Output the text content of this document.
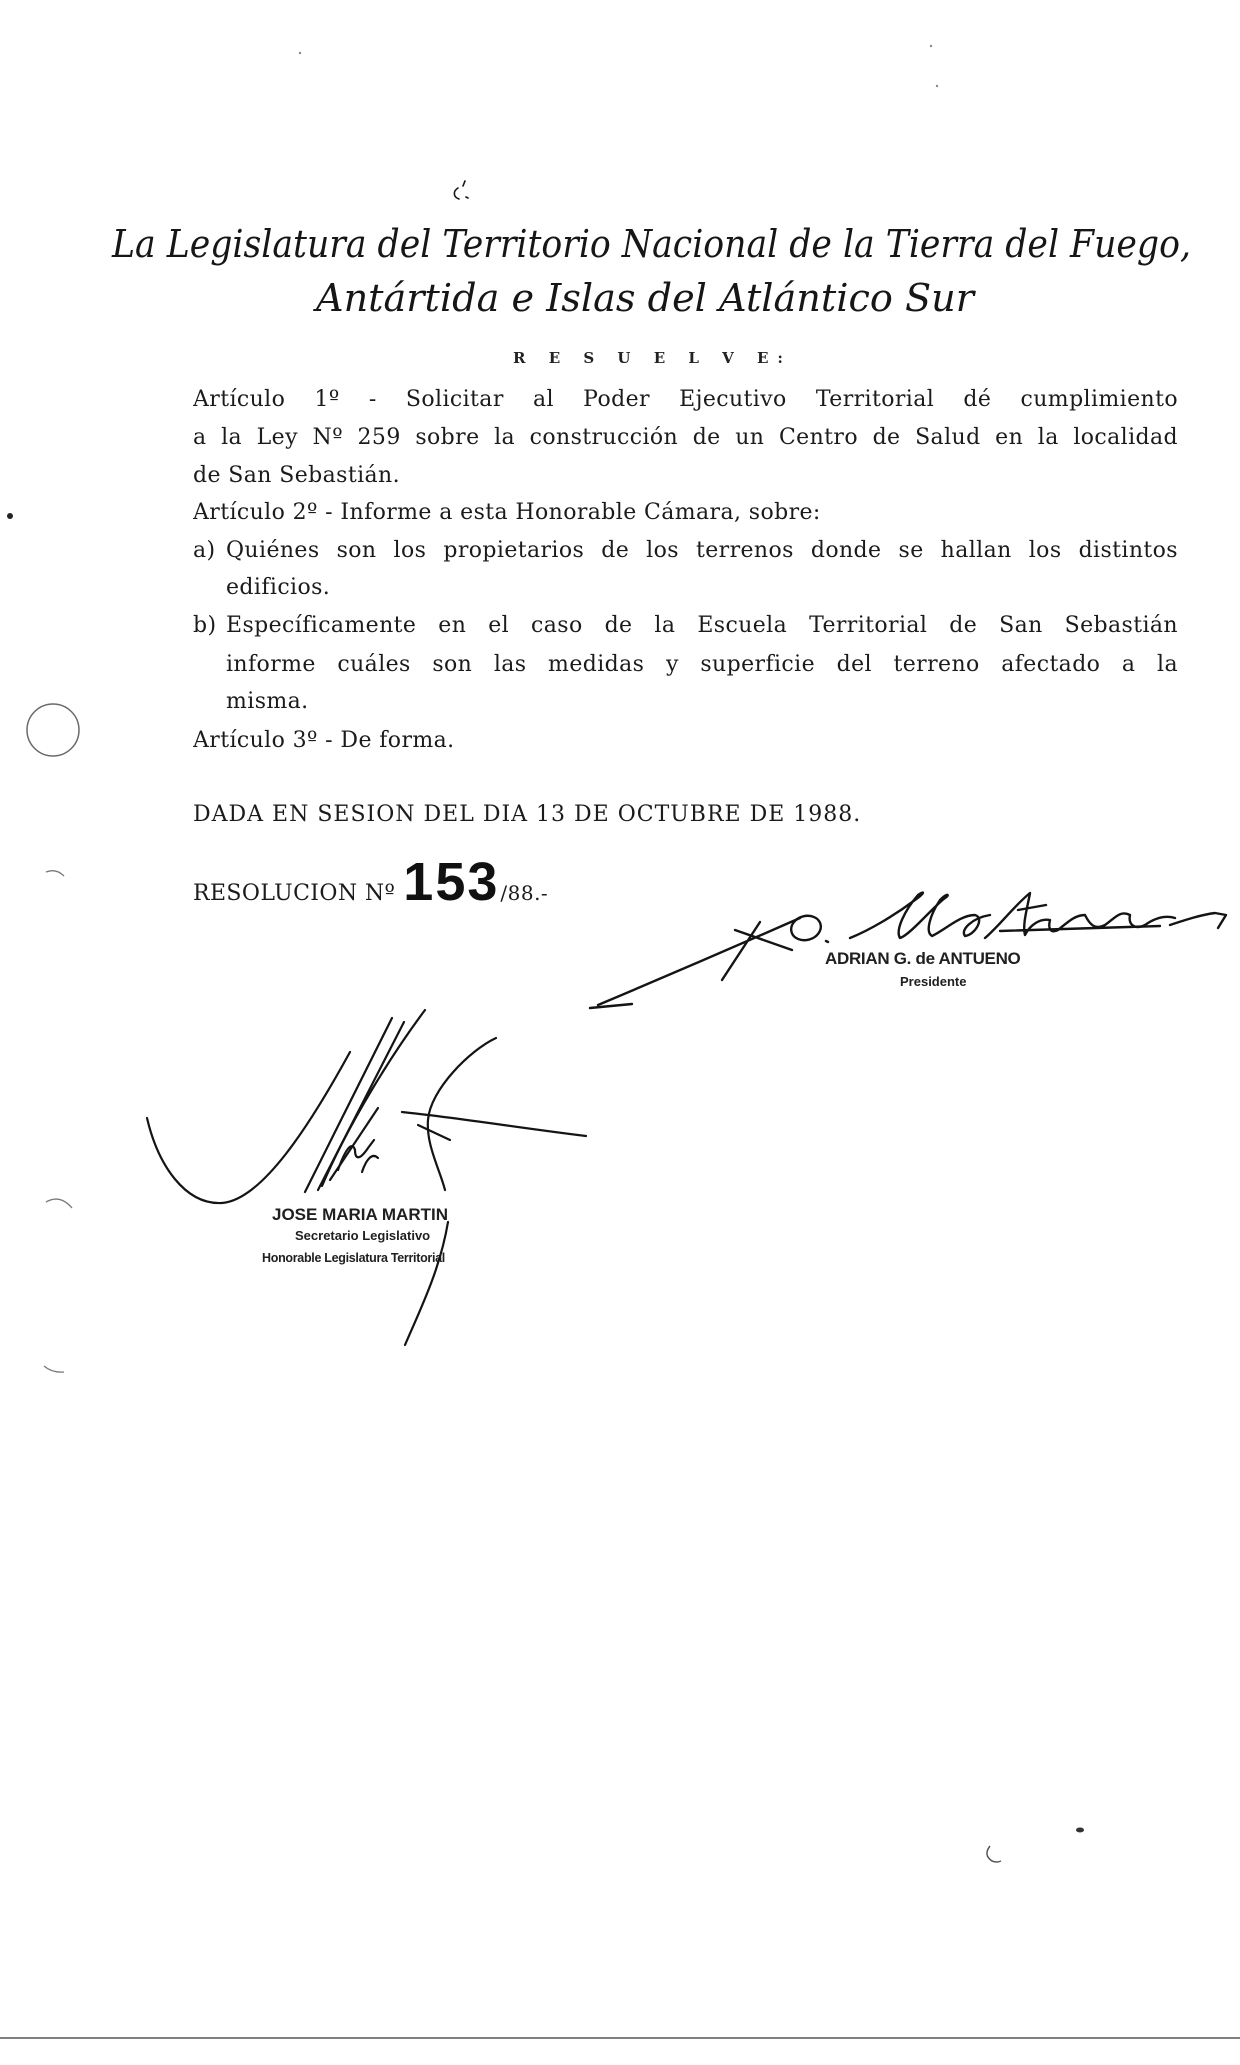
La Legislatura del Territorio Nacional de la Tierra del Fuego,
Antártida e Islas del Atlántico Sur
R E S U E L V E:
Artículo 1º - Solicitar al Poder Ejecutivo Territorial dé cumplimiento
a la Ley Nº 259 sobre la construcción de un Centro de Salud en la localidad
de San Sebastián.
Artículo 2º - Informe a esta Honorable Cámara, sobre:
a) Quiénes son los propietarios de los terrenos donde se hallan los distintos
edificios.
b) Específicamente en el caso de la Escuela Territorial de San Sebastián
informe cuáles son las medidas y superficie del terreno afectado a la
misma.
Artículo 3º - De forma.
DADA EN SESION DEL DIA 13 DE OCTUBRE DE 1988.
RESOLUCION Nº 153 /88.-
ADRIAN G. de ANTUENO
Presidente
JOSE MARIA MARTIN
Secretario Legislativo
Honorable Legislatura Territorial
